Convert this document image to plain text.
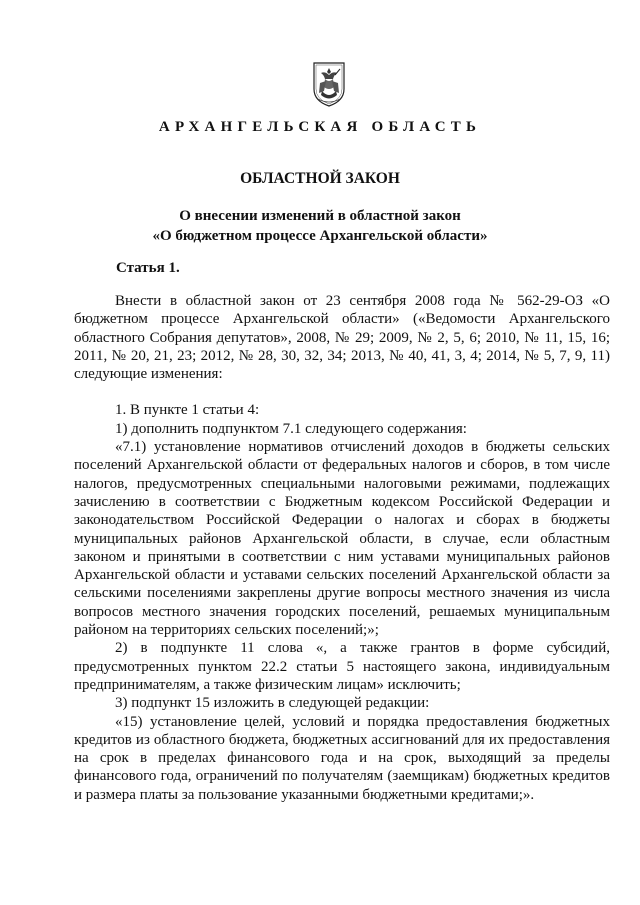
АРХАНГЕЛЬСКАЯ ОБЛАСТЬ
ОБЛАСТНОЙ ЗАКОН
О внесении изменений в областной закон
«О бюджетном процессе Архангельской области»
Статья 1.

Внести в областной закон от 23 сентября 2008 года № 562-29-ОЗ «О бюджетном процессе Архангельской области» («Ведомости Архангельского областного Собрания депутатов», 2008, № 29; 2009, № 2, 5, 6; 2010, № 11, 15, 16; 2011, № 20, 21, 23; 2012, № 28, 30, 32, 34; 2013, № 40, 41, 3, 4; 2014, № 5, 7, 9, 11) следующие изменения:

1. В пункте 1 статьи 4:

1) дополнить подпунктом 7.1 следующего содержания:

«7.1) установление нормативов отчислений доходов в бюджеты сельских поселений Архангельской области от федеральных налогов и сборов, в том числе налогов, предусмотренных специальными налоговыми режимами, подлежащих зачислению в соответствии с Бюджетным кодексом Российской Федерации и законодательством Российской Федерации о налогах и сборах в бюджеты муниципальных районов Архангельской области, в случае, если областным законом и принятыми в соответствии с ним уставами муниципальных районов Архангельской области и уставами сельских поселений Архангельской области за сельскими поселениями закреплены другие вопросы местного значения из числа вопросов местного значения городских поселений, решаемых муниципальным районом на территориях сельских поселений;»;

2) в подпункте 11 слова «, а также грантов в форме субсидий, предусмотренных пунктом 22.2 статьи 5 настоящего закона, индивидуальным предпринимателям, а также физическим лицам» исключить;

3) подпункт 15 изложить в следующей редакции:

«15) установление целей, условий и порядка предоставления бюджетных кредитов из областного бюджета, бюджетных ассигнований для их предоставления на срок в пределах финансового года и на срок, выходящий за пределы финансового года, ограничений по получателям (заемщикам) бюджетных кредитов и размера платы за пользование указанными бюджетными кредитами;».
